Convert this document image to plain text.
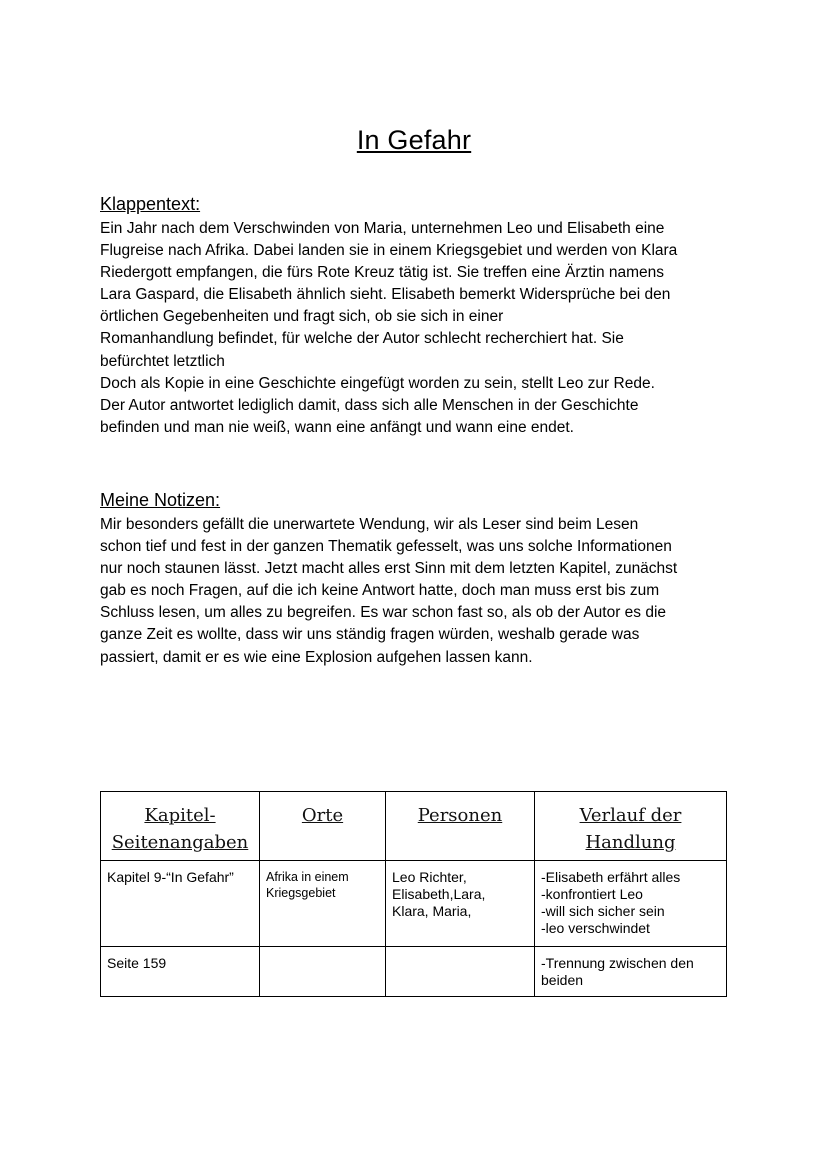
In Gefahr
Klappentext:
Ein Jahr nach dem Verschwinden von Maria, unternehmen Leo und Elisabeth eine
Flugreise nach Afrika. Dabei landen sie in einem Kriegsgebiet und werden von Klara
Riedergott empfangen, die fürs Rote Kreuz tätig ist. Sie treffen eine Ärztin namens
Lara Gaspard, die Elisabeth ähnlich sieht. Elisabeth bemerkt Widersprüche bei den
örtlichen Gegebenheiten und fragt sich, ob sie sich in einer
Romanhandlung befindet, für welche der Autor schlecht recherchiert hat. Sie
befürchtet letztlich
Doch als Kopie in eine Geschichte eingefügt worden zu sein, stellt Leo zur Rede.
Der Autor antwortet lediglich damit, dass sich alle Menschen in der Geschichte
befinden und man nie weiß, wann eine anfängt und wann eine endet.
Meine Notizen:
Mir besonders gefällt die unerwartete Wendung, wir als Leser sind beim Lesen
schon tief und fest in der ganzen Thematik gefesselt, was uns solche Informationen
nur noch staunen lässt. Jetzt macht alles erst Sinn mit dem letzten Kapitel, zunächst
gab es noch Fragen, auf die ich keine Antwort hatte, doch man muss erst bis zum
Schluss lesen, um alles zu begreifen. Es war schon fast so, als ob der Autor es die
ganze Zeit es wollte, dass wir uns ständig fragen würden, weshalb gerade was
passiert, damit er es wie eine Explosion aufgehen lassen kann.
Kapitel-
Seitenangaben	Orte	Personen	Verlauf der Handlung
Kapitel 9-“In Gefahr”	Afrika in einem
Kriegsgebiet	Leo Richter,
Elisabeth,Lara,
Klara, Maria,	-Elisabeth erfährt alles
-konfrontiert Leo
-will sich sicher sein
-leo verschwindet

Seite 159			-Trennung zwischen den
beiden
